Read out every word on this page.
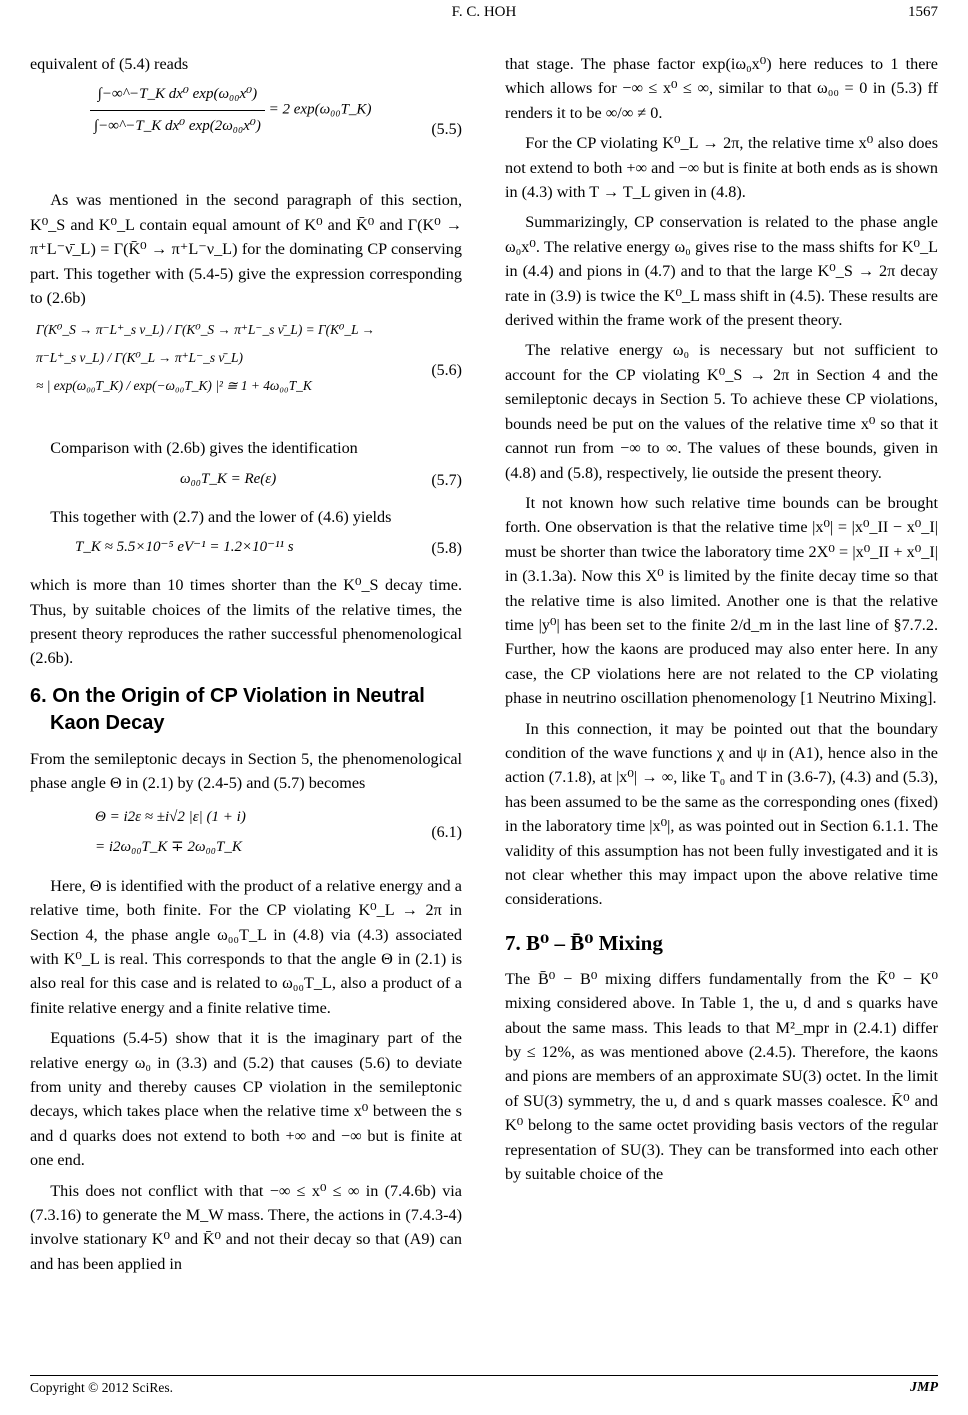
F. C. HOH	1567

equivalent of (5.4) reads

$\frac{\text{∫−∞\textasciicircum{}−T\_K dx⁰ exp(ω₀₀x⁰)}}{\text{∫−∞\textasciicircum{}−T\_K dx⁰ exp(2ω₀₀x⁰)}} = 2$ exp(ω₀₀T_K)
(5.5)

As was mentioned in the second paragraph of this section, K⁰_S and K⁰_L contain equal amount of K⁰ and K̄⁰ and Γ(K⁰ → π⁺L⁻ν̄_L) = Γ(K̄⁰ → π⁺L⁻ν_L) for the dominating CP conserving part. This together with (5.4-5) give the expression corresponding to (2.6b)

Γ(K⁰_S → π⁻L⁺_s ν_L) / Γ(K⁰_S → π⁺L⁻_s ν̄_L) = Γ(K⁰_L → π⁻L⁺_s ν_L) / Γ(K⁰_L → π⁺L⁻_s ν̄_L)
≈ | exp(ω₀₀T_K) / exp(−ω₀₀T_K) |² ≅ 1 + 4ω₀₀T_K
(5.6)

Comparison with (2.6b) gives the identification

ω₀₀T_K = Re(ε)	(5.7)

This together with (2.7) and the lower of (4.6) yields

T_K ≈ 5.5×10⁻⁵ eV⁻¹ = 1.2×10⁻¹¹ s	(5.8)

which is more than 10 times shorter than the K⁰_S decay time. Thus, by suitable choices of the limits of the relative times, the present theory reproduces the rather successful phenomenological (2.6b).

6. On the Origin of CP Violation in Neutral
Kaon Decay

From the semileptonic decays in Section 5, the phenomenological phase angle Θ in (2.1) by (2.4-5) and (5.7) becomes

Θ = i2ε ≈ ±i√2 |ε| (1 + i)
= i2ω₀₀T_K ∓ 2ω₀₀T_K
(6.1)

Here, Θ is identified with the product of a relative energy and a relative time, both finite. For the CP violating K⁰_L → 2π in Section 4, the phase angle ω₀₀T_L in (4.8) via (4.3) associated with K⁰_L is real. This corresponds to that the angle Θ in (2.1) is also real for this case and is related to ω₀₀T_L, also a product of a finite relative energy and a finite relative time.

Equations (5.4-5) show that it is the imaginary part of the relative energy ω₀ in (3.3) and (5.2) that causes (5.6) to deviate from unity and thereby causes CP violation in the semileptonic decays, which takes place when the relative time x⁰ between the s and d quarks does not extend to both +∞ and −∞ but is finite at one end.

This does not conflict with that −∞ ≤ x⁰ ≤ ∞ in (7.4.6b) via (7.3.16) to generate the M_W mass. There, the actions in (7.4.3-4) involve stationary K⁰ and K̄⁰ and not their decay so that (A9) can and has been applied in

that stage. The phase factor exp(iω₀x⁰) here reduces to 1 there which allows for −∞ ≤ x⁰ ≤ ∞, similar to that ω₀₀ = 0 in (5.3) ff renders it to be ∞/∞ ≠ 0.

For the CP violating K⁰_L → 2π, the relative time x⁰ also does not extend to both +∞ and −∞ but is finite at both ends as is shown in (4.3) with T → T_L given in (4.8).

Summarizingly, CP conservation is related to the phase angle ω₀x⁰. The relative energy ω₀ gives rise to the mass shifts for K⁰_L in (4.4) and pions in (4.7) and to that the large K⁰_S → 2π decay rate in (3.9) is twice the K⁰_L mass shift in (4.5). These results are derived within the frame work of the present theory.

The relative energy ω₀ is necessary but not sufficient to account for the CP violating K⁰_S → 2π in Section 4 and the semileptonic decays in Section 5. To achieve these CP violations, bounds need be put on the values of the relative time x⁰ so that it cannot run from −∞ to ∞. The values of these bounds, given in (4.8) and (5.8), respectively, lie outside the present theory.

It not known how such relative time bounds can be brought forth. One observation is that the relative time |x⁰| = |x⁰_II − x⁰_I| must be shorter than twice the laboratory time 2X⁰ = |x⁰_II + x⁰_I| in (3.1.3a). Now this X⁰ is limited by the finite decay time so that the relative time is also limited. Another one is that the relative time |y⁰| has been set to the finite 2/d_m in the last line of §7.7.2. Further, how the kaons are produced may also enter here. In any case, the CP violations here are not related to the CP violating phase in neutrino oscillation phenomenology [1 Neutrino Mixing].

In this connection, it may be pointed out that the boundary condition of the wave functions χ and ψ in (A1), hence also in the action (7.1.8), at |x⁰| → ∞, like T₀ and T in (3.6-7), (4.3) and (5.3), has been assumed to be the same as the corresponding ones (fixed) in the laboratory time |x⁰|, as was pointed out in Section 6.1.1. The validity of this assumption has not been fully investigated and it is not clear whether this may impact upon the above relative time considerations.

7. B⁰ – B̄⁰ Mixing

The B̄⁰ − B⁰ mixing differs fundamentally from the K̄⁰ − K⁰ mixing considered above. In Table 1, the u, d and s quarks have about the same mass. This leads to that M²_mpr in (2.4.1) differ by ≤ 12%, as was mentioned above (2.4.5). Therefore, the kaons and pions are members of an approximate SU(3) octet. In the limit of SU(3) symmetry, the u, d and s quark masses coalesce. K̄⁰ and K⁰ belong to the same octet providing basis vectors of the regular representation of SU(3). They can be transformed into each other by suitable choice of the

Copyright © 2012 SciRes.	JMP
